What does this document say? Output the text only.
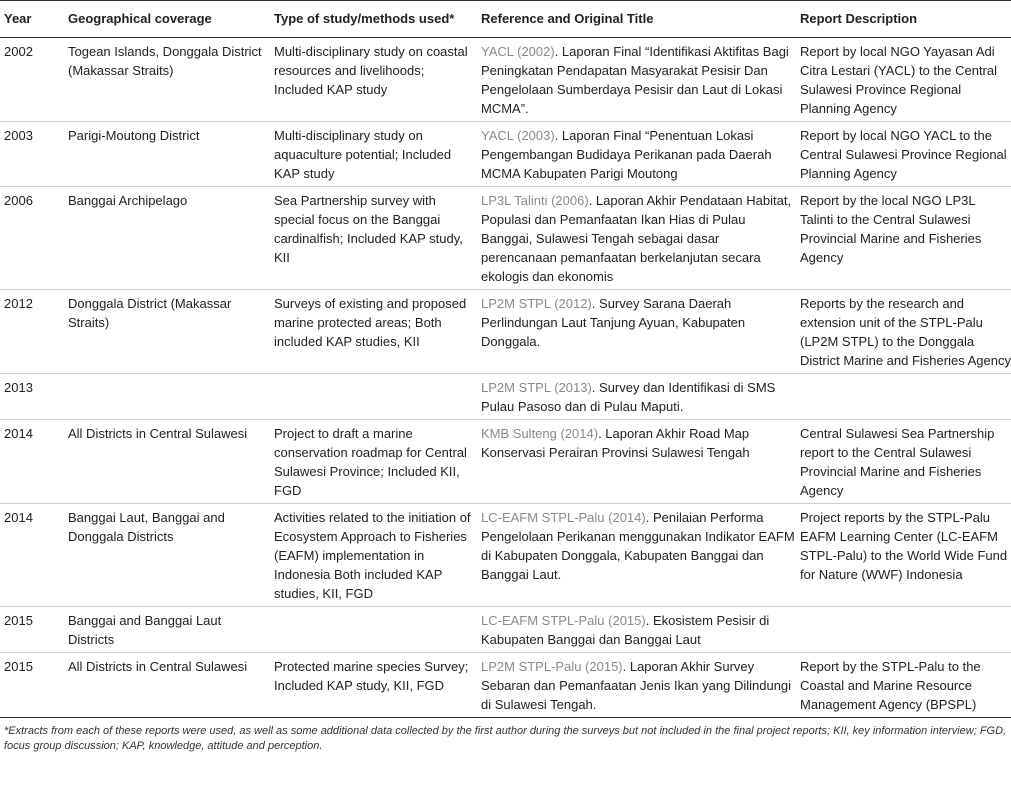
Year	Geographical coverage	Type of study/methods used*	Reference and Original Title	Report Description
2002	Togean Islands, Donggala District (Makassar Straits)	Multi-disciplinary study on coastal resources and livelihoods; Included KAP study	YACL (2002). Laporan Final “Identifikasi Aktifitas Bagi Peningkatan Pendapatan Masyarakat Pesisir Dan Pengelolaan Sumberdaya Pesisir dan Laut di Lokasi MCMA”.	Report by local NGO Yayasan Adi Citra Lestari (YACL) to the Central Sulawesi Province Regional Planning Agency
2003	Parigi-Moutong District	Multi-disciplinary study on aquaculture potential; Included KAP study	YACL (2003). Laporan Final “Penentuan Lokasi Pengembangan Budidaya Perikanan pada Daerah MCMA Kabupaten Parigi Moutong	Report by local NGO YACL to the Central Sulawesi Province Regional Planning Agency
2006	Banggai Archipelago	Sea Partnership survey with special focus on the Banggai cardinalfish; Included KAP study, KII	LP3L Talinti (2006). Laporan Akhir Pendataan Habitat, Populasi dan Pemanfaatan Ikan Hias di Pulau Banggai, Sulawesi Tengah sebagai dasar perencanaan pemanfaatan berkelanjutan secara ekologis dan ekonomis	Report by the local NGO LP3L Talinti to the Central Sulawesi Provincial Marine and Fisheries Agency
2012	Donggala District (Makassar Straits)	Surveys of existing and proposed marine protected areas; Both included KAP studies, KII	LP2M STPL (2012). Survey Sarana Daerah Perlindungan Laut Tanjung Ayuan, Kabupaten Donggala.	Reports by the research and extension unit of the STPL-Palu (LP2M STPL) to the Donggala District Marine and Fisheries Agency
2013			LP2M STPL (2013). Survey dan Identifikasi di SMS Pulau Pasoso dan di Pulau Maputi.	
2014	All Districts in Central Sulawesi	Project to draft a marine conservation roadmap for Central Sulawesi Province; Included KII, FGD	KMB Sulteng (2014). Laporan Akhir Road Map Konservasi Perairan Provinsi Sulawesi Tengah	Central Sulawesi Sea Partnership report to the Central Sulawesi Provincial Marine and Fisheries Agency
2014	Banggai Laut, Banggai and Donggala Districts	Activities related to the initiation of Ecosystem Approach to Fisheries (EAFM) implementation in Indonesia Both included KAP studies, KII, FGD	LC-EAFM STPL-Palu (2014). Penilaian Performa Pengelolaan Perikanan menggunakan Indikator EAFM di Kabupaten Donggala, Kabupaten Banggai dan Banggai Laut.	Project reports by the STPL-Palu EAFM Learning Center (LC-EAFM STPL-Palu) to the World Wide Fund for Nature (WWF) Indonesia
2015	Banggai and Banggai Laut Districts		LC-EAFM STPL-Palu (2015). Ekosistem Pesisir di Kabupaten Banggai dan Banggai Laut	
2015	All Districts in Central Sulawesi	Protected marine species Survey; Included KAP study, KII, FGD	LP2M STPL-Palu (2015). Laporan Akhir Survey Sebaran dan Pemanfaatan Jenis Ikan yang Dilindungi di Sulawesi Tengah.	Report by the STPL-Palu to the Coastal and Marine Resource Management Agency (BPSPL)
*Extracts from each of these reports were used, as well as some additional data collected by the first author during the surveys but not included in the final project reports; KII, key information interview; FGD, focus group discussion; KAP, knowledge, attitude and perception.
